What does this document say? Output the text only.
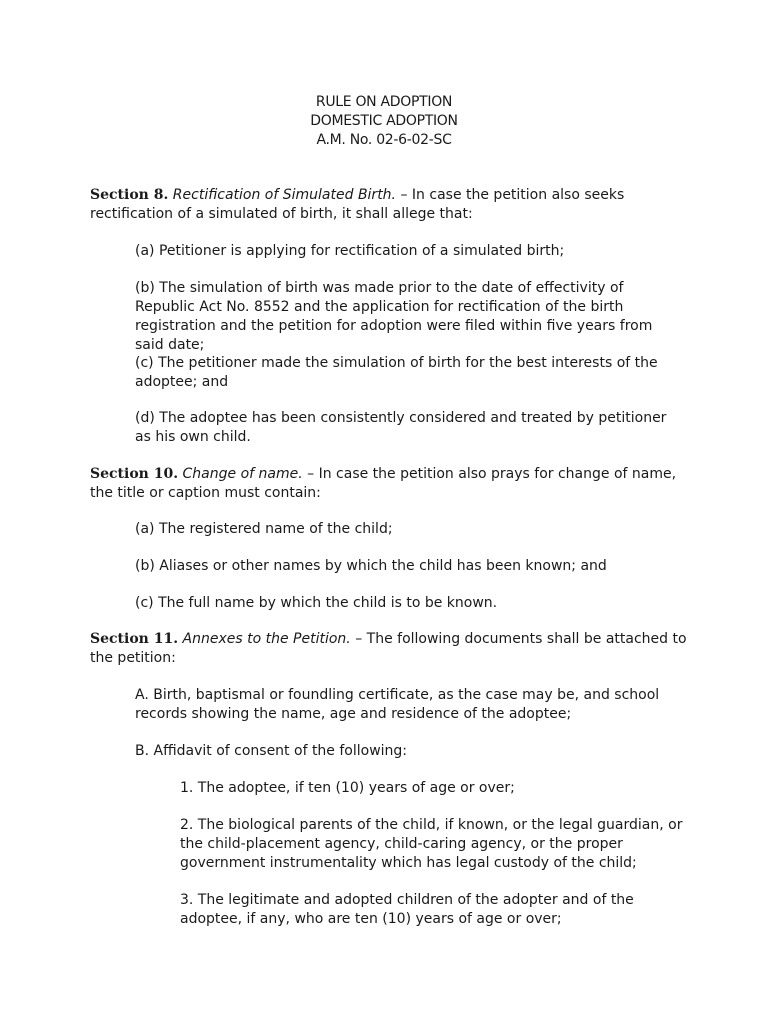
RULE ON ADOPTION
DOMESTIC ADOPTION
A.M. No. 02-6-02-SC
Section 8. Rectification of Simulated Birth. – In case the petition also seeks rectification of a simulated of birth, it shall allege that:
(a) Petitioner is applying for rectification of a simulated birth;
(b) The simulation of birth was made prior to the date of effectivity of Republic Act No. 8552 and the application for rectification of the birth registration and the petition for adoption were filed within five years from said date;
(c) The petitioner made the simulation of birth for the best interests of the adoptee; and
(d) The adoptee has been consistently considered and treated by petitioner as his own child.
Section 10. Change of name. – In case the petition also prays for change of name, the title or caption must contain:
(a) The registered name of the child;
(b) Aliases or other names by which the child has been known; and
(c) The full name by which the child is to be known.
Section 11. Annexes to the Petition. – The following documents shall be attached to the petition:
A. Birth, baptismal or foundling certificate, as the case may be, and school records showing the name, age and residence of the adoptee;
B. Affidavit of consent of the following:
1. The adoptee, if ten (10) years of age or over;
2. The biological parents of the child, if known, or the legal guardian, or the child-placement agency, child-caring agency, or the proper government instrumentality which has legal custody of the child;
3. The legitimate and adopted children of the adopter and of the adoptee, if any, who are ten (10) years of age or over;
